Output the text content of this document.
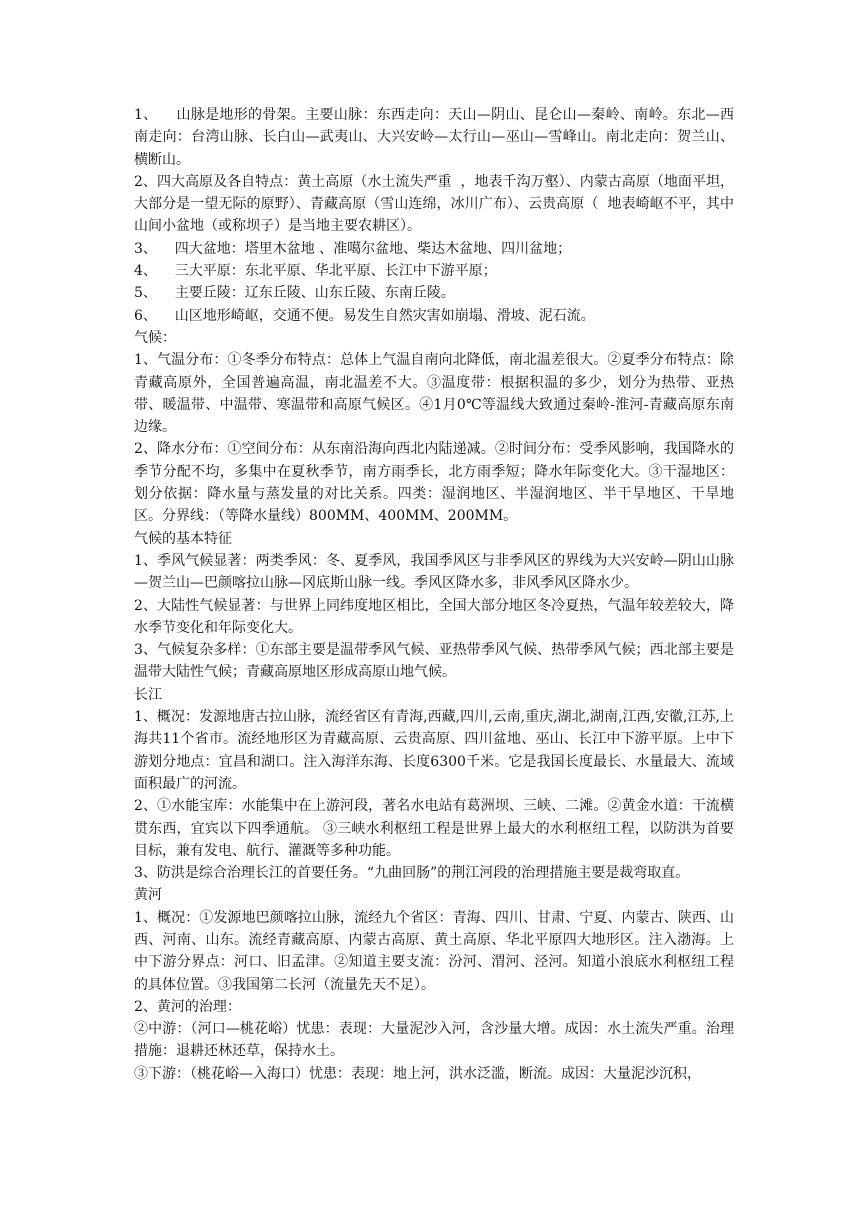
1、    山脉是地形的骨架。主要山脉：东西走向：天山—阴山、昆仑山—秦岭、南岭。东北—西南走向：台湾山脉、长白山—武夷山、大兴安岭—太行山—巫山—雪峰山。南北走向：贺兰山、横断山。
2、四大高原及各自特点：黄土高原（水土流失严重  ，地表千沟万壑）、内蒙古高原（地面平坦，大部分是一望无际的原野）、青藏高原（雪山连绵，冰川广布）、云贵高原（  地表崎岖不平，其中山间小盆地（或称坝子）是当地主要农耕区）。
3、    四大盆地：塔里木盆地 、准噶尔盆地、柴达木盆地、四川盆地；
4、    三大平原：东北平原、华北平原、长江中下游平原；
5、    主要丘陵：辽东丘陵、山东丘陵、东南丘陵。
6、    山区地形崎岖，交通不便。易发生自然灾害如崩塌、滑坡、泥石流。
气候：
1、气温分布：①冬季分布特点：总体上气温自南向北降低，南北温差很大。②夏季分布特点：除青藏高原外，全国普遍高温，南北温差不大。③温度带：根据积温的多少，划分为热带、亚热带、暖温带、中温带、寒温带和高原气候区。④1月0℃等温线大致通过秦岭-淮河-青藏高原东南边缘。
2、降水分布：①空间分布：从东南沿海向西北内陆递减。②时间分布：受季风影响，我国降水的季节分配不均，多集中在夏秋季节，南方雨季长，北方雨季短；降水年际变化大。③干湿地区：划分依据：降水量与蒸发量的对比关系。四类：湿润地区、半湿润地区、半干旱地区、干旱地区。分界线：（等降水量线）800MM、400MM、200MM。
气候的基本特征
1、季风气候显著：两类季风：冬、夏季风，我国季风区与非季风区的界线为大兴安岭—阴山山脉—贺兰山—巴颜喀拉山脉—冈底斯山脉一线。季风区降水多，非风季风区降水少。
2、大陆性气候显著：与世界上同纬度地区相比，全国大部分地区冬冷夏热，气温年较差较大，降水季节变化和年际变化大。
3、气候复杂多样：①东部主要是温带季风气候、亚热带季风气候、热带季风气候；西北部主要是温带大陆性气候；青藏高原地区形成高原山地气候。
长江
1、概况：发源地唐古拉山脉，流经省区有青海,西藏,四川,云南,重庆,湖北,湖南,江西,安徽,江苏,上海共11个省市。流经地形区为青藏高原、云贵高原、四川盆地、巫山、长江中下游平原。上中下游划分地点：宜昌和湖口。注入海洋东海、长度6300千米。它是我国长度最长、水量最大、流域面积最广的河流。
2、①水能宝库：水能集中在上游河段，著名水电站有葛洲坝、三峡、二滩。②黄金水道：干流横贯东西，宜宾以下四季通航。 ③三峡水利枢纽工程是世界上最大的水利枢纽工程，以防洪为首要目标，兼有发电、航行、灌溉等多种功能。
3、防洪是综合治理长江的首要任务。“九曲回肠”的荆江河段的治理措施主要是裁弯取直。
黄河
1、概况：①发源地巴颜喀拉山脉，流经九个省区：青海、四川、甘肃、宁夏、内蒙古、陕西、山西、河南、山东。流经青藏高原、内蒙古高原、黄土高原、华北平原四大地形区。注入渤海。上中下游分界点：河口、旧孟津。②知道主要支流：汾河、渭河、泾河。知道小浪底水利枢纽工程的具体位置。③我国第二长河（流量先天不足）。
2、黄河的治理：
②中游：（河口—桃花峪）忧患：表现：大量泥沙入河，含沙量大增。成因：水土流失严重。治理措施：退耕还林还草，保持水土。
③下游：（桃花峪—入海口）忧患：表现：地上河，洪水泛滥，断流。成因：大量泥沙沉积，
